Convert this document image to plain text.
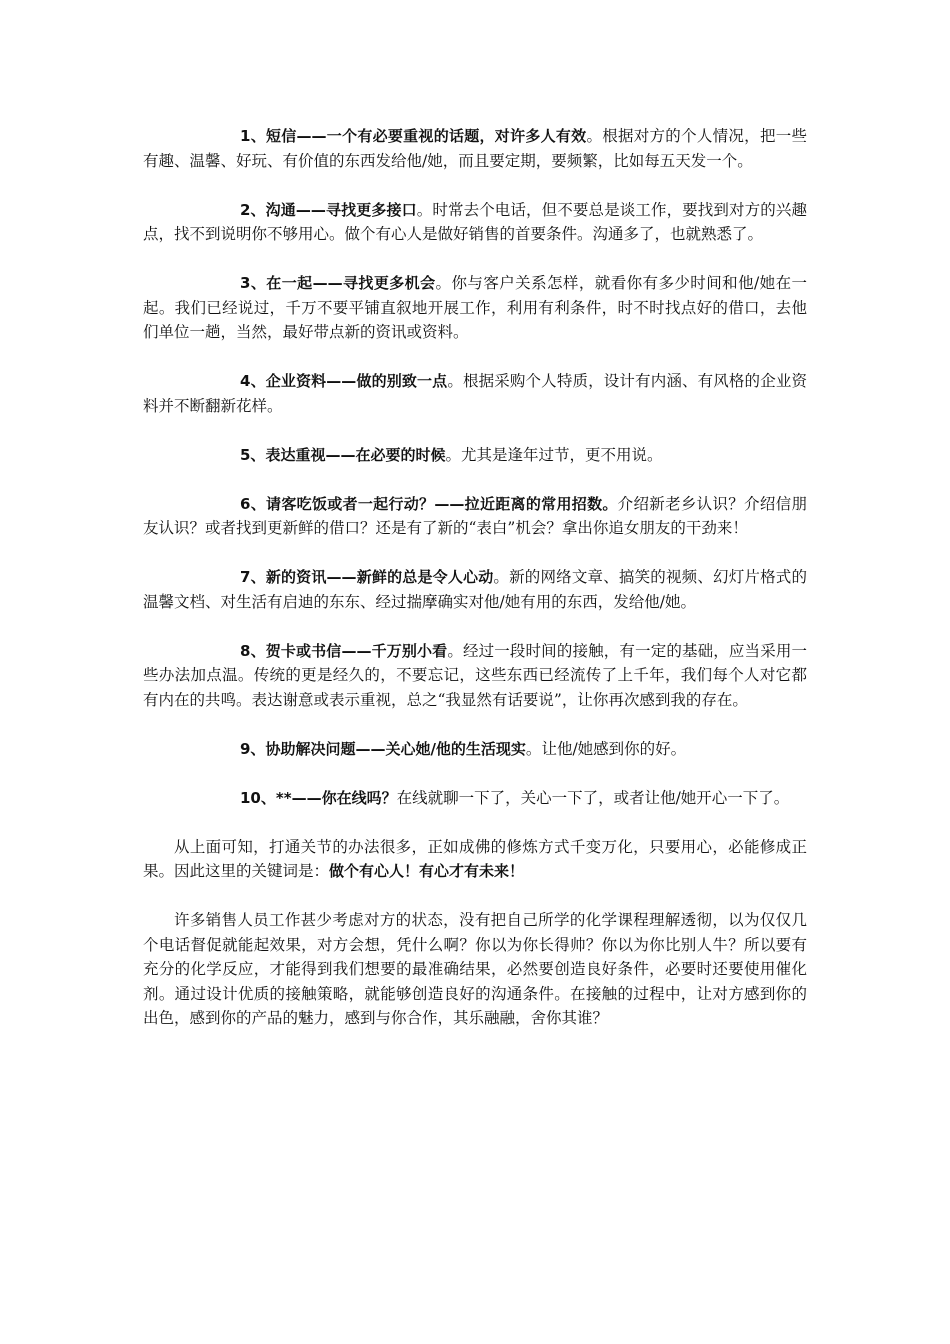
1、短信——一个有必要重视的话题，对许多人有效。根据对方的个人情况，把一些有趣、温馨、好玩、有价值的东西发给他/她，而且要定期，要频繁，比如每五天发一个。

2、沟通——寻找更多接口。时常去个电话，但不要总是谈工作，要找到对方的兴趣点，找不到说明你不够用心。做个有心人是做好销售的首要条件。沟通多了，也就熟悉了。

3、在一起——寻找更多机会。你与客户关系怎样，就看你有多少时间和他/她在一起。我们已经说过，千万不要平铺直叙地开展工作，利用有利条件，时不时找点好的借口，去他们单位一趟，当然，最好带点新的资讯或资料。

4、企业资料——做的别致一点。根据采购个人特质，设计有内涵、有风格的企业资料并不断翻新花样。

5、表达重视——在必要的时候。尤其是逢年过节，更不用说。

6、请客吃饭或者一起行动？——拉近距离的常用招数。介绍新老乡认识？介绍信朋友认识？或者找到更新鲜的借口？还是有了新的“表白”机会？拿出你追女朋友的干劲来！

7、新的资讯——新鲜的总是令人心动。新的网络文章、搞笑的视频、幻灯片格式的温馨文档、对生活有启迪的东东、经过揣摩确实对他/她有用的东西，发给他/她。

8、贺卡或书信——千万别小看。经过一段时间的接触，有一定的基础，应当采用一些办法加点温。传统的更是经久的，不要忘记，这些东西已经流传了上千年，我们每个人对它都有内在的共鸣。表达谢意或表示重视，总之“我显然有话要说”，让你再次感到我的存在。

9、协助解决问题——关心她/他的生活现实。让他/她感到你的好。

10、**——你在线吗？在线就聊一下了，关心一下了，或者让他/她开心一下了。

从上面可知，打通关节的办法很多，正如成佛的修炼方式千变万化，只要用心，必能修成正果。因此这里的关键词是：做个有心人！有心才有未来！

许多销售人员工作甚少考虑对方的状态，没有把自己所学的化学课程理解透彻，以为仅仅几个电话督促就能起效果，对方会想，凭什么啊？你以为你长得帅？你以为你比别人牛？所以要有充分的化学反应，才能得到我们想要的最准确结果，必然要创造良好条件，必要时还要使用催化剂。通过设计优质的接触策略，就能够创造良好的沟通条件。在接触的过程中，让对方感到你的出色，感到你的产品的魅力，感到与你合作，其乐融融，舍你其谁？
